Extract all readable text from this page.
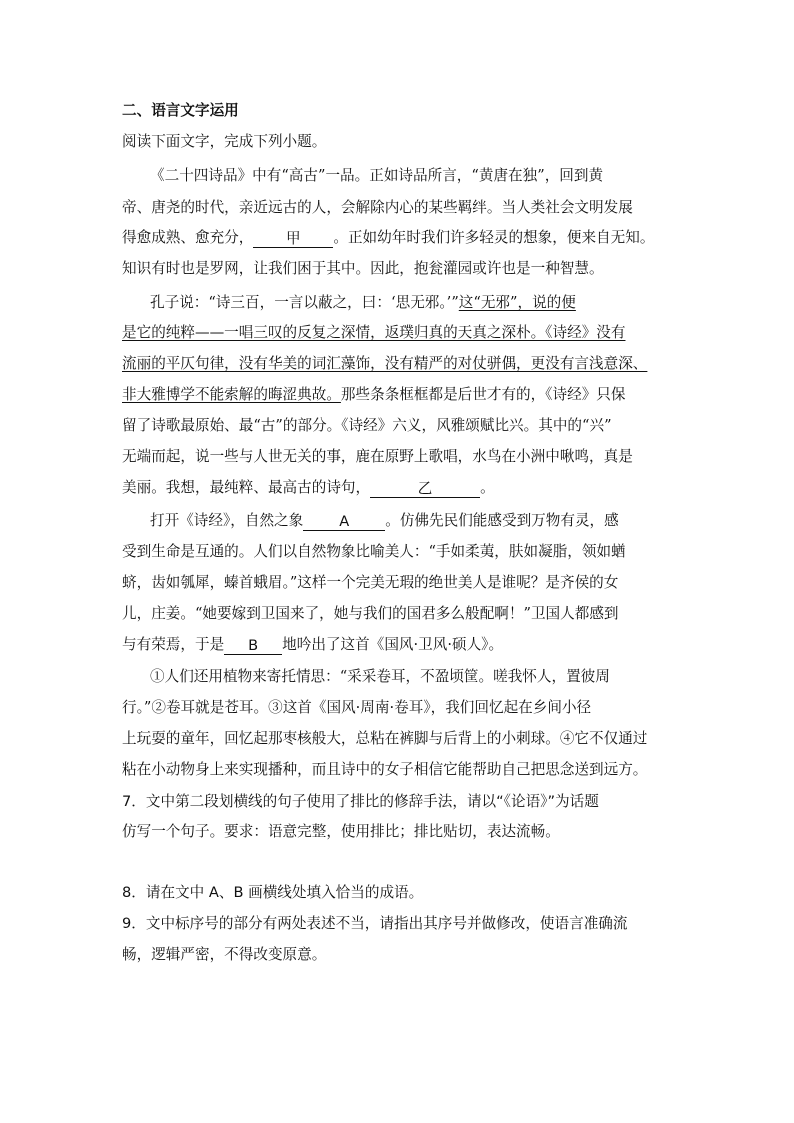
二、语言文字运用
阅读下面文字，完成下列小题。
《二十四诗品》中有“高古”一品。正如诗品所言，“黄唐在独”，回到黄
帝、唐尧的时代，亲近远古的人，会解除内心的某些羁绊。当人类社会文明发展
得愈成熟、愈充分， 甲 。正如幼年时我们许多轻灵的想象，便来自无知。
知识有时也是罗网，让我们困于其中。因此，抱瓮灌园或许也是一种智慧。
孔子说：“诗三百，一言以蔽之，曰：‘思无邪。’”这“无邪”，说的便
是它的纯粹——一唱三叹的反复之深情，返璞归真的天真之深朴。《诗经》没有
流丽的平仄句律，没有华美的词汇藻饰，没有精严的对仗骈偶，更没有言浅意深、
非大雅博学不能索解的晦涩典故。那些条条框框都是后世才有的，《诗经》只保
留了诗歌最原始、最“古”的部分。《诗经》六义，风雅颂赋比兴。其中的“兴”
无端而起，说一些与人世无关的事，鹿在原野上歌唱，水鸟在小洲中啾鸣，真是
美丽。我想，最纯粹、最高古的诗句，	乙	。
打开《诗经》，自然之象 A 。仿佛先民们能感受到万物有灵，感
受到生命是互通的。人们以自然物象比喻美人：“手如柔荑，肤如凝脂，领如蝤
蛴，齿如瓠犀，螓首蛾眉。”这样一个完美无瑕的绝世美人是谁呢？是齐侯的女
儿，庄姜。“她要嫁到卫国来了，她与我们的国君多么般配啊！”卫国人都感到
与有荣焉，于是 B 地吟出了这首《国风·卫风·硕人》。
①人们还用植物来寄托情思：“采采卷耳，不盈顷筐。嗟我怀人，置彼周
行。”②卷耳就是苍耳。③这首《国风·周南·卷耳》，我们回忆起在乡间小径
上玩耍的童年，回忆起那枣核般大，总粘在裤脚与后背上的小刺球。④它不仅通过
粘在小动物身上来实现播种，而且诗中的女子相信它能帮助自己把思念送到远方。
7．文中第二段划横线的句子使用了排比的修辞手法，请以“《论语》”为话题
仿写一个句子。要求：语意完整，使用排比；排比贴切，表达流畅。
8．请在文中 A、B 画横线处填入恰当的成语。
9．文中标序号的部分有两处表述不当，请指出其序号并做修改，使语言准确流
畅，逻辑严密，不得改变原意。
